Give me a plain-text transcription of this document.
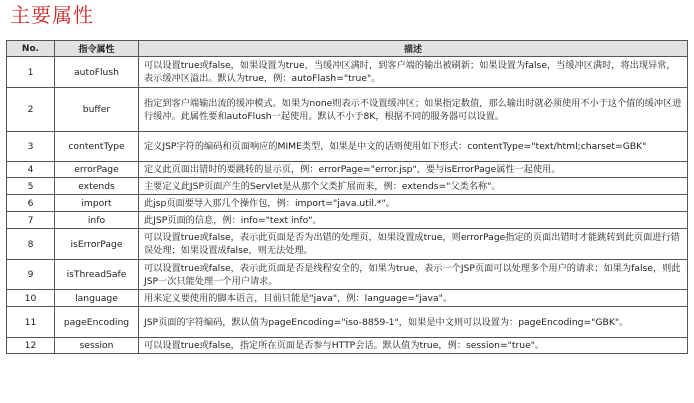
主要属性
No.	指令属性	描述
1	autoFlush	可以设置true或false，如果设置为true，当缓冲区满时，到客户端的输出被刷新；如果设置为false，当缓冲区满时，将出现异常，表示缓冲区溢出。默认为true，例：autoFlash="true"。
2	buffer	指定到客户端输出流的缓冲模式。如果为none则表示不设置缓冲区；如果指定数值，那么输出时就必须使用不小于这个值的缓冲区进行缓冲。此属性要和autoFlush一起使用。默认不小于8K，根据不同的服务器可以设置。
3	contentType	定义JSP字符的编码和页面响应的MIME类型，如果是中文的话则使用如下形式：contentType="text/html;charset=GBK"
4	errorPage	定义此页面出错时的要跳转的显示页，例：errorPage="error.jsp"，要与isErrorPage属性一起使用。
5	extends	主要定义此JSP页面产生的Servlet是从那个父类扩展而来，例：extends="父类名称"。
6	import	此jsp页面要导入那几个操作包，例：import="java.util.*"。
7	info	此JSP页面的信息，例：info="text info"。
8	isErrorPage	可以设置true或false，表示此页面是否为出错的处理页，如果设置成true，则errorPage指定的页面出错时才能跳转到此页面进行错误处理；如果设置成false，则无法处理。
9	isThreadSafe	可以设置true或false，表示此页面是否是线程安全的，如果为true，表示一个JSP页面可以处理多个用户的请求；如果为false，则此JSP一次只能处理一个用户请求。
10	language	用来定义要使用的脚本语言，目前只能是"java"，例：language="java"。
11	pageEncoding	JSP页面的字符编码，默认值为pageEncoding="iso-8859-1"，如果是中文则可以设置为：pageEncoding="GBK"。
12	session	可以设置true或false，指定所在页面是否参与HTTP会话。默认值为true，例：session="true"。
